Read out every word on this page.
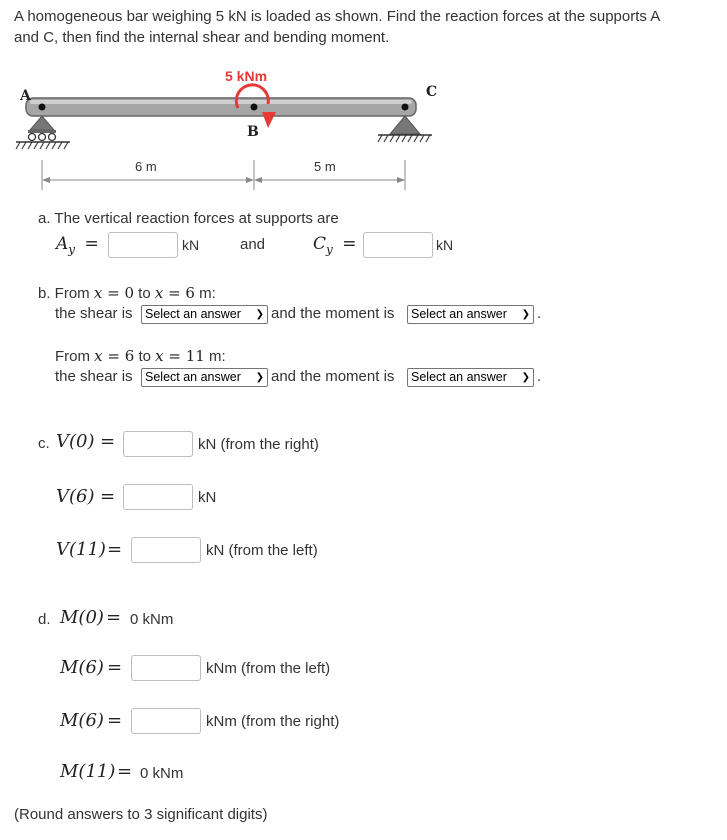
A homogeneous bar weighing 5 kN is loaded as shown. Find the reaction forces at the supports A
and C, then find the internal shear and bending moment.
5 kNm
A
B
C
6 m	5 m
a. The vertical reaction forces at supports are
$A_y$ =	kN	and	$C_y$ =	kN
b. From x = 0 to x = 6 m:
the shear is Select an answer ❯ and the moment is	Select an answer ❯ .
From x = 6 to x = 11 m:
the shear is Select an answer ❯ and the moment is	Select an answer ❯ .
c. V(0) =	kN (from the right)
V(6) =	kN
V(11) =	kN (from the left)
d. M(0) = 0 kNm
M(6) =	kNm (from the left)
M(6) =	kNm (from the right)
M(11) = 0 kNm
(Round answers to 3 significant digits)
